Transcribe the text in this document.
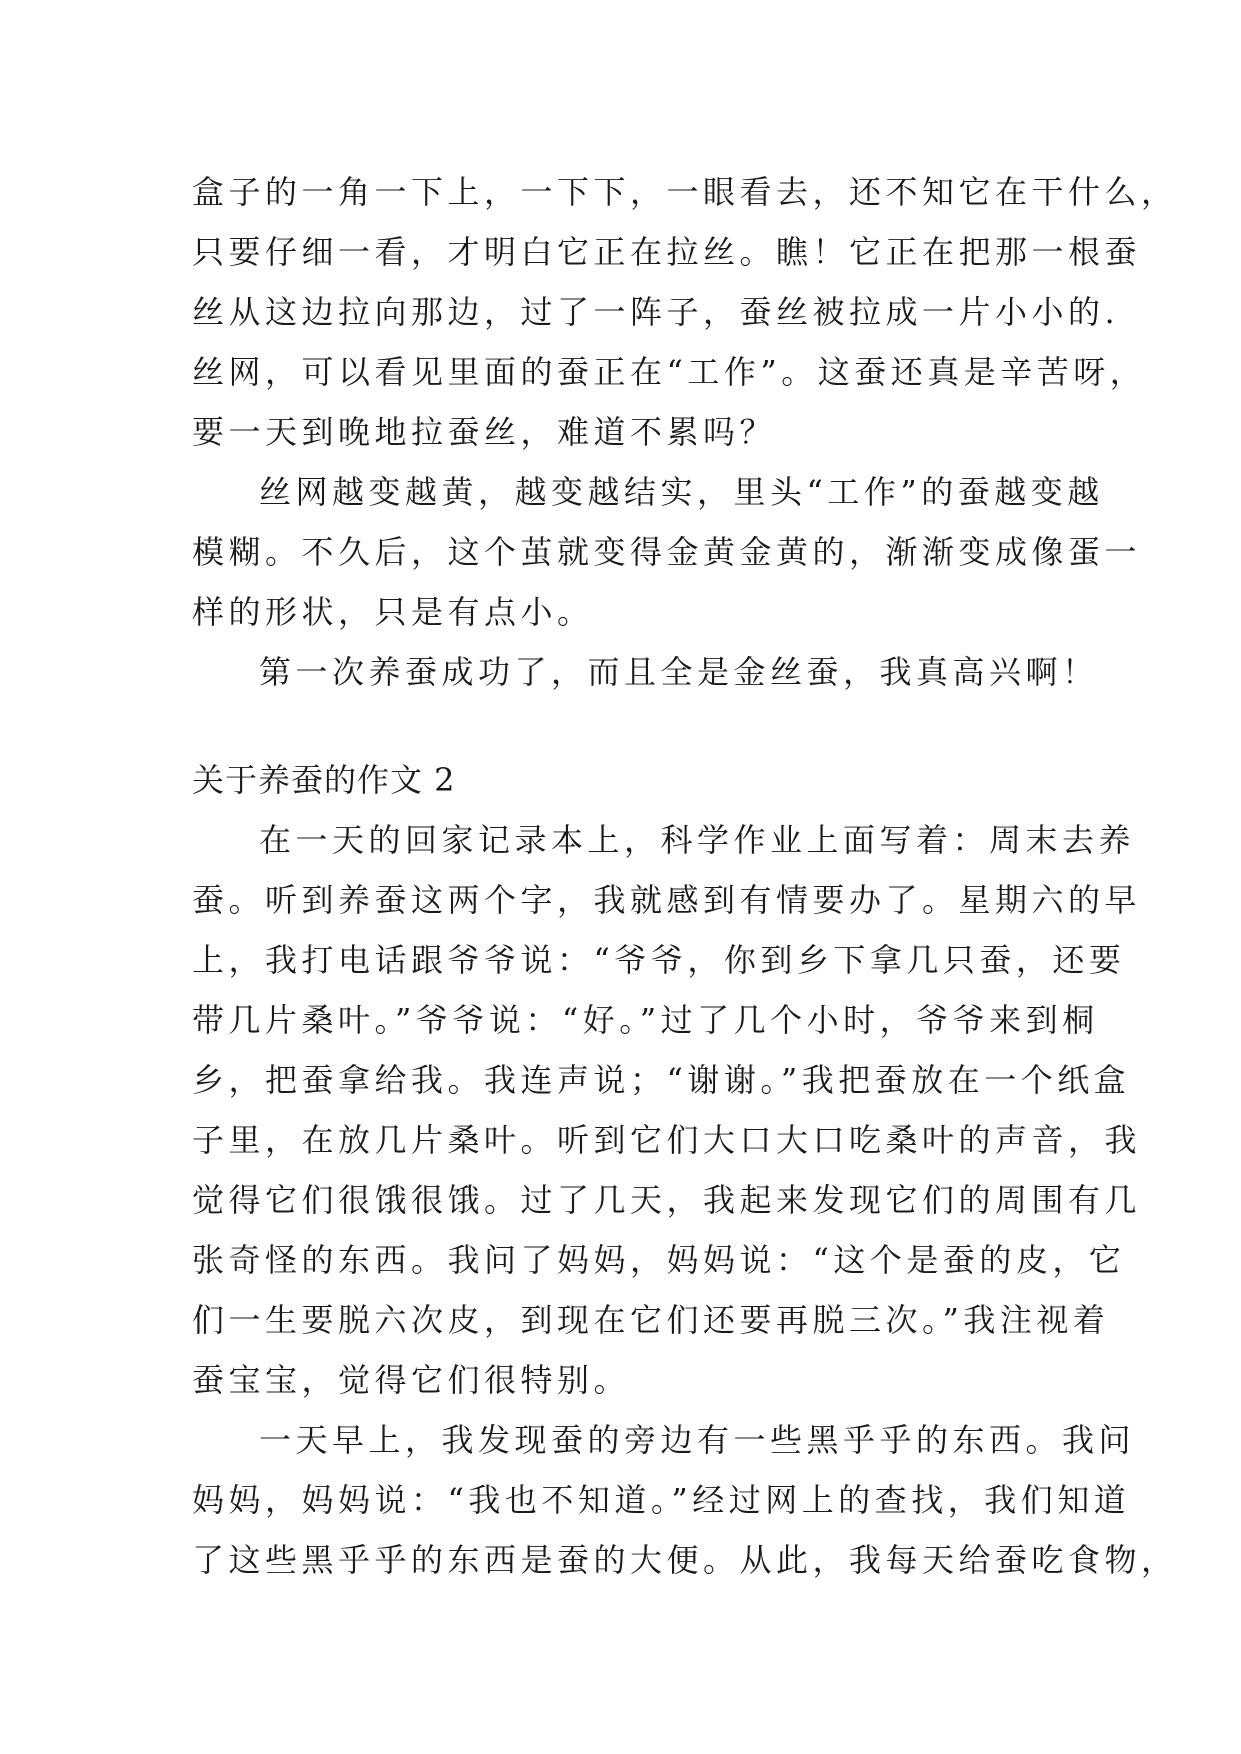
盒子的一角一下上，一下下，一眼看去，还不知它在干什么，
只要仔细一看，才明白它正在拉丝。瞧！它正在把那一根蚕
丝从这边拉向那边，过了一阵子，蚕丝被拉成一片小小的.
丝网，可以看见里面的蚕正在“工作”。这蚕还真是辛苦呀，
要一天到晚地拉蚕丝，难道不累吗？
丝网越变越黄，越变越结实，里头“工作”的蚕越变越
模糊。不久后，这个茧就变得金黄金黄的，渐渐变成像蛋一
样的形状，只是有点小。
第一次养蚕成功了，而且全是金丝蚕，我真高兴啊！
关于养蚕的作文 2
在一天的回家记录本上，科学作业上面写着：周末去养
蚕。听到养蚕这两个字，我就感到有情要办了。星期六的早
上，我打电话跟爷爷说：“爷爷，你到乡下拿几只蚕，还要
带几片桑叶。”爷爷说：“好。”过了几个小时，爷爷来到桐
乡，把蚕拿给我。我连声说；“谢谢。”我把蚕放在一个纸盒
子里，在放几片桑叶。听到它们大口大口吃桑叶的声音，我
觉得它们很饿很饿。过了几天，我起来发现它们的周围有几
张奇怪的东西。我问了妈妈，妈妈说：“这个是蚕的皮，它
们一生要脱六次皮，到现在它们还要再脱三次。”我注视着
蚕宝宝，觉得它们很特别。
一天早上，我发现蚕的旁边有一些黑乎乎的东西。我问
妈妈，妈妈说：“我也不知道。”经过网上的查找，我们知道
了这些黑乎乎的东西是蚕的大便。从此，我每天给蚕吃食物，
